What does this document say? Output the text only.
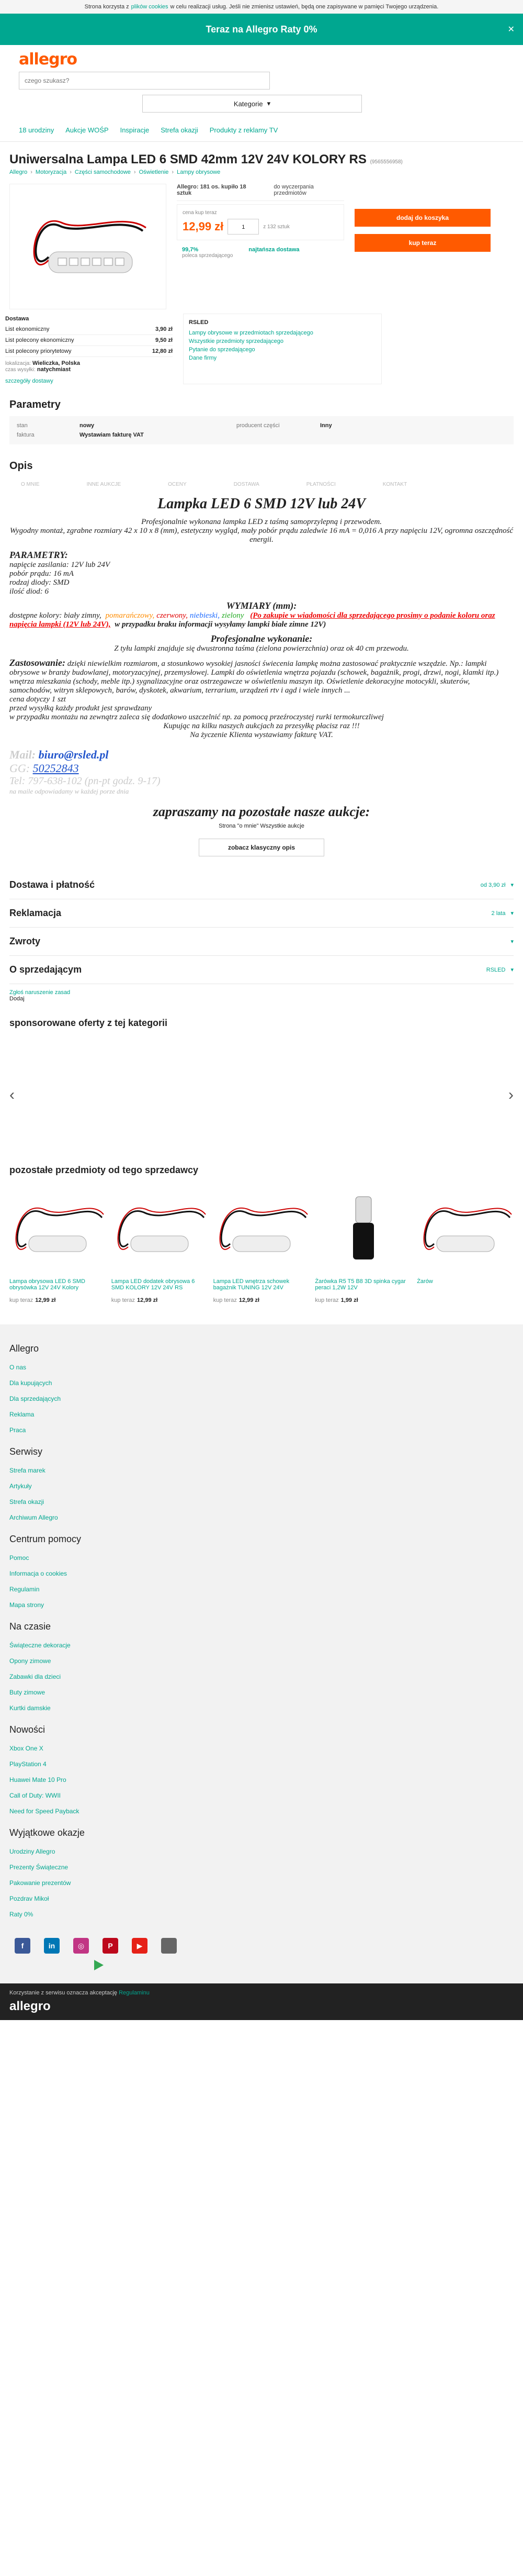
Strona korzysta z plików cookies w celu realizacji usług. Jeśli nie zmienisz ustawień, będą one zapisywane w pamięci Twojego urządzenia.
Teraz na Allegro Raty 0%	✕
allegro
czego szukasz?
Kategorie ▾
18 urodziny Aukcje WOŚP Inspiracje Strefa okazji Produkty z reklamy TV
Uniwersalna Lampa LED 6 SMD 42mm 12V 24V KOLORY RS (9565556958)
Allegro › Motoryzacja › Części samochodowe › Oświetlenie › Lampy obrysowe
Allegro: 181 os. kupiło 18 sztuk
do wyczerpania przedmiotów
cena kup teraz
12,99 zł	1	z 132 sztuk
99,7%
poleca sprzedającego
najtańsza dostawa
dodaj do koszyka
kup teraz
Dostawa
List ekonomiczny	3,90 zł
List polecony ekonomiczny	9,50 zł
List polecony priorytetowy	12,80 zł
lokalizacja: Wieliczka, Polska
czas wysyłki: natychmiast
szczegóły dostawy
RSLED
Lampy obrysowe w przedmiotach sprzedającego
Wszystkie przedmioty sprzedającego
Pytanie do sprzedającego
Dane firmy
Parametry
stan	nowy	producent części	Inny
faktura	Wystawiam fakturę VAT
Opis
O MNIE	INNE AUKCJE	OCENY	DOSTAWA	PŁATNOŚCI	KONTAKT
Lampka LED 6 SMD 12V lub 24V

Profesjonalnie wykonana lampka LED z taśmą samoprzylepną i przewodem.

Wygodny montaż, zgrabne rozmiary 42 x 10 x 8 (mm), estetyczny wygląd, mały pobór prądu zaledwie 16 mA = 0,016 A przy napięciu 12V, ogromna oszczędność energii.

PARAMETRY:
napięcie zasilania: 12V lub 24V
pobór prądu: 16 mA
rodzaj diody: SMD
ilość diod: 6
WYMIARY (mm):
dostępne kolory: biały zimny, pomarańczowy, czerwony, niebieski, zielony (Po zakupie w wiadomości dla sprzedającego prosimy o podanie koloru oraz napięcia lampki (12V lub 24V), w przypadku braku informacji wysyłamy lampki białe zimne 12V)
Profesjonalne wykonanie:

Z tyłu lampki znajduje się dwustronna taśma (zielona powierzchnia) oraz ok 40 cm przewodu.

Zastosowanie: dzięki niewielkim rozmiarom, a stosunkowo wysokiej jasności świecenia lampkę można zastosować praktycznie wszędzie. Np.: lampki obrysowe w branży budowlanej, motoryzacyjnej, przemysłowej. Lampki do oświetlenia wnętrza pojazdu (schowek, bagażnik, progi, drzwi, nogi, klamki itp.) wnętrza mieszkania (schody, meble itp.) sygnalizacyjne oraz ostrzegawcze w oświetleniu maszyn itp. Oświetlenie dekoracyjne motocykli, skuterów, samochodów, witryn sklepowych, barów, dyskotek, akwarium, terrarium, urządzeń rtv i agd i wiele innych ...

cena dotyczy 1 szt

przed wysyłką każdy produkt jest sprawdzany

w przypadku montażu na zewnątrz zaleca się dodatkowo uszczelnić np. za pomocą przeźroczystej rurki termokurczliwej

Kupując na kilku naszych aukcjach za przesyłkę płacisz raz !!!

Na życzenie Klienta wystawiamy fakturę VAT.

Mail: biuro@rsled.pl
GG: 50252843
Tel: 797-638-102 (pn-pt godz. 9-17)
na maile odpowiadamy w każdej porze dnia
zapraszamy na pozostałe nasze aukcje:
Strona "o mnie" Wszystkie aukcje
zobacz klasyczny opis
Dostawa i płatność	od 3,90 zł ▾
Reklamacja	2 lata ▾
Zwroty	▾
O sprzedającym	RSLED ▾
Zgłoś naruszenie zasad
Dodaj
sponsorowane oferty z tej kategorii
‹	›
pozostałe przedmioty od tego sprzedawcy
Lampa obrysowa LED 6 SMD obrysówka 12V 24V Kolory
kup teraz 12,99 zł
Lampa LED dodatek obrysowa 6 SMD KOLORY 12V 24V RS
kup teraz 12,99 zł
Lampa LED wnętrza schowek bagażnik TUNING 12V 24V
kup teraz 12,99 zł
Żarówka R5 T5 B8 3D spinka cygar peraci 1,2W 12V
kup teraz 1,99 zł
Żarów
Allegro
O nas
Dla kupujących
Dla sprzedających
Reklama
Praca
Serwisy
Strefa marek
Artykuły
Strefa okazji
Archiwum Allegro
Centrum pomocy
Pomoc
Informacja o cookies
Regulamin
Mapa strony
Na czasie
Świąteczne dekoracje
Opony zimowe
Zabawki dla dzieci
Buty zimowe
Kurtki damskie
Nowości
Xbox One X
PlayStation 4
Huawei Mate 10 Pro
Call of Duty: WWII
Need for Speed Payback
Wyjątkowe okazje
Urodziny Allegro
Prezenty Świąteczne
Pakowanie prezentów
Pozdrav Mikoł
Raty 0%
f	in	◎	P	▶
Korzystanie z serwisu oznacza akceptację Regulaminu
allegro
